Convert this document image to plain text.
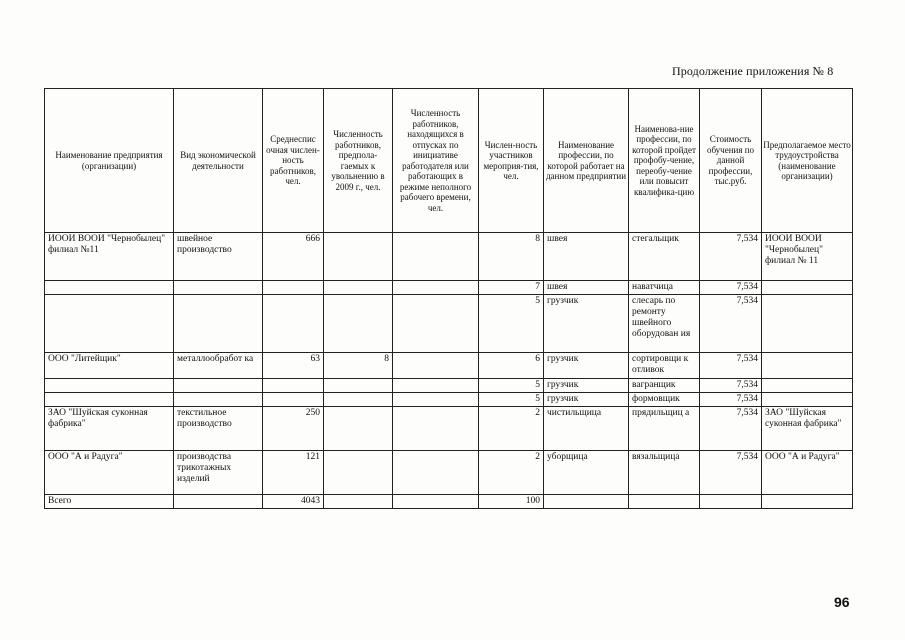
Продолжение приложения № 8
Наименование предприятия (организации)	Вид экономической деятельности	Среднеспис очная числен-ность работников, чел.	Численность работников, предпола-гаемых к увольнению в 2009 г., чел.	Численность работников, находящихся в отпусках по инициативе работодателя или работающих в режиме неполного рабочего времени, чел.	Числен-ность участников мероприя-тия, чел.	Наименование профессии, по которой работает на данном предприятии	Наименова-ние профессии, по которой пройдет профобу-чение, переобу-чение или повысит квалифика-цию	Стоимость обучения по данной профессии, тыс.руб.	Предполагаемое место трудоустройства (наименование организации)
ИООИ ВООИ "Чернобылец" филиал №11	швейное производство	666			8	швея	стегальщик	7,534	ИООИ ВООИ "Чернобылец" филиал № 11
					7	швея	наватчица	7,534	
					5	грузчик	слесарь по ремонту швейного оборудован ия	7,534	
ООО "Литейщик"	металлообработ ка	63	8		6	грузчик	сортировщи к отливок	7,534	
					5	грузчик	вагранщик	7,534	
					5	грузчик	формовщик	7,534	
ЗАО "Шуйская суконная фабрика"	текстильное производство	250			2	чистильщица	прядильщиц а	7,534	ЗАО "Шуйская суконная фабрика"
ООО "А и Радуга"	производства трикотажных изделий	121			2	уборщица	вязальщица	7,534	ООО "А и Радуга"
Всего		4043			100				
96
